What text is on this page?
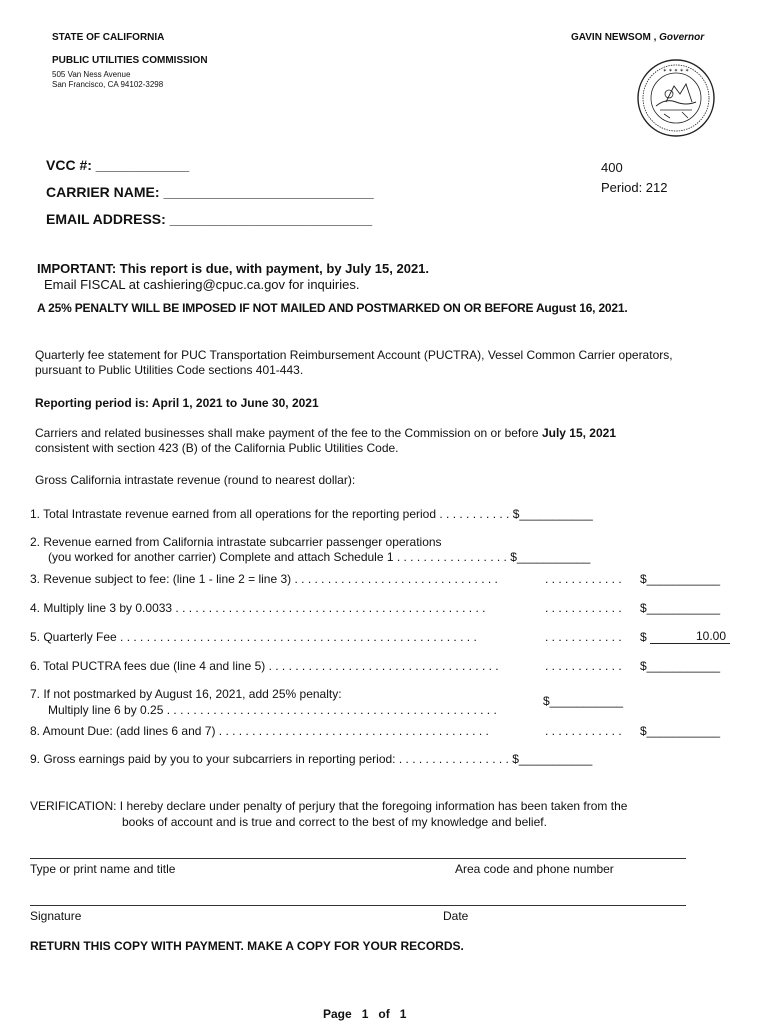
STATE OF CALIFORNIA	GAVIN NEWSOM , Governor
PUBLIC UTILITIES COMMISSION
505 Van Ness Avenue
San Francisco, CA 94102-3298
✶ ✶ ✶ ✶ ✶
VCC #: ____________
CARRIER NAME: ___________________________
EMAIL ADDRESS: __________________________
400
Period: 212
IMPORTANT: This report is due, with payment, by July 15, 2021.
Email FISCAL at cashiering@cpuc.ca.gov for inquiries.
A 25% PENALTY WILL BE IMPOSED IF NOT MAILED AND POSTMARKED ON OR BEFORE August 16, 2021.
Quarterly fee statement for PUC Transportation Reimbursement Account (PUCTRA), Vessel Common Carrier operators,
pursuant to Public Utilities Code sections 401-443.
Reporting period is: April 1, 2021 to June 30, 2021
Carriers and related businesses shall make payment of the fee to the Commission on or before July 15, 2021
consistent with section 423 (B) of the California Public Utilities Code.
Gross California intrastate revenue (round to nearest dollar):
1. Total Intrastate revenue earned from all operations for the reporting period . . . . . . . . . . . $___________
2. Revenue earned from California intrastate subcarrier passenger operations
(you worked for another carrier) Complete and attach Schedule 1 . . . . . . . . . . . . . . . . . $___________
3. Revenue subject to fee: (line 1 - line 2 = line 3) . . . . . . . . . . . . . . . . . . . . . . . . . . . . . . .	. . . . . . . . . . . . $___________
4. Multiply line 3 by 0.0033 . . . . . . . . . . . . . . . . . . . . . . . . . . . . . . . . . . . . . . . . . . . . . . .	. . . . . . . . . . . . $___________
5. Quarterly Fee . . . . . . . . . . . . . . . . . . . . . . . . . . . . . . . . . . . . . . . . . . . . . . . . . . . . . .	. . . . . . . . . . . . $	10.00
6. Total PUCTRA fees due (line 4 and line 5) . . . . . . . . . . . . . . . . . . . . . . . . . . . . . . . . . . .	. . . . . . . . . . . . $___________
7. If not postmarked by August 16, 2021, add 25% penalty:
Multiply line 6 by 0.25 . . . . . . . . . . . . . . . . . . . . . . . . . . . . . . . . . . . . . . . . . . . . . . . . . .
$___________
8. Amount Due: (add lines 6 and 7) . . . . . . . . . . . . . . . . . . . . . . . . . . . . . . . . . . . . . . . . .	. . . . . . . . . . . . $___________
9. Gross earnings paid by you to your subcarriers in reporting period: . . . . . . . . . . . . . . . . . $___________
VERIFICATION: I hereby declare under penalty of perjury that the foregoing information has been taken from the
books of account and is true and correct to the best of my knowledge and belief.
Type or print name and title	Area code and phone number
Signature	Date
RETURN THIS COPY WITH PAYMENT. MAKE A COPY FOR YOUR RECORDS.
Page 1 of 1
